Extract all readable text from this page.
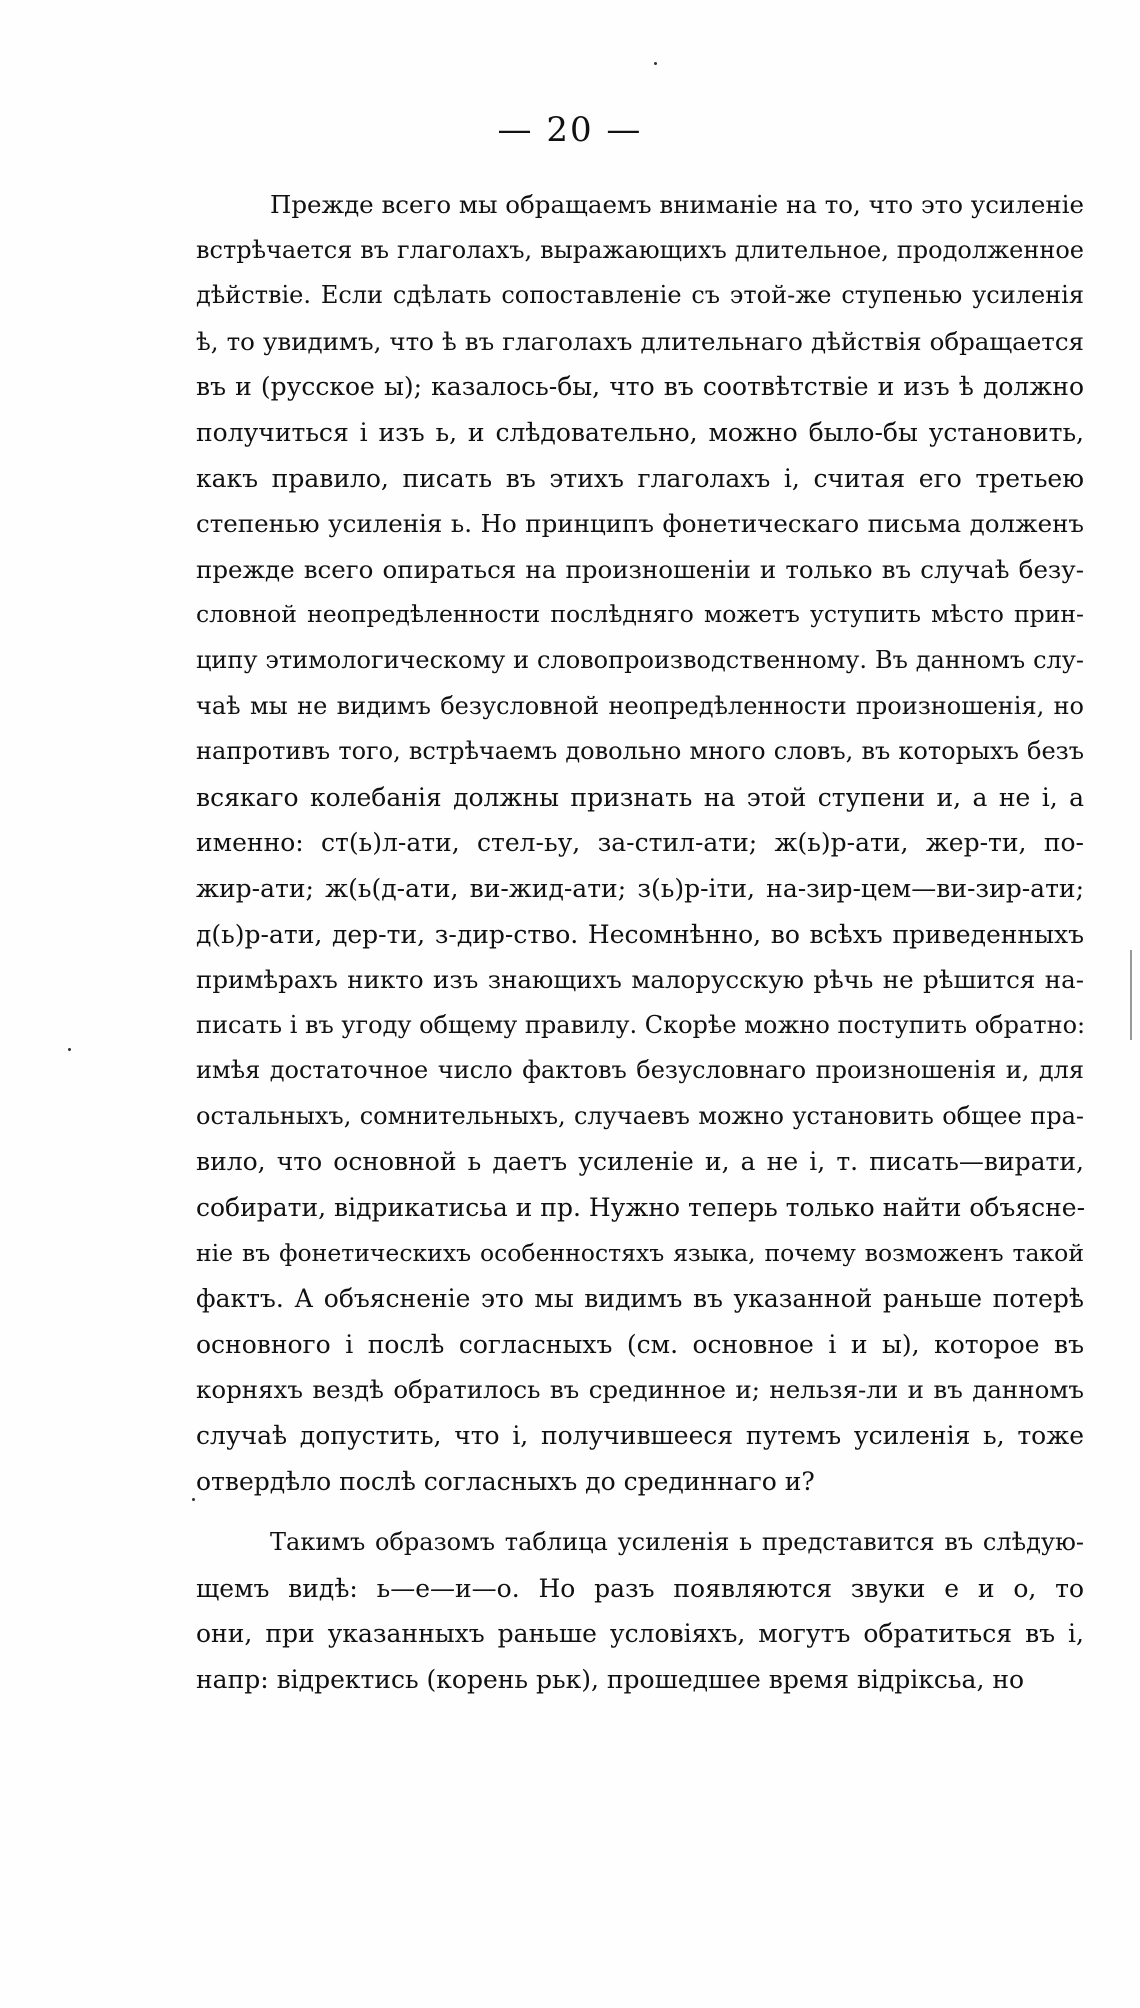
— 20 —
Прежде всего мы обращаемъ вниманіе на то, что это усиленіе
встрѣчается въ глаголахъ, выражающихъ длительное, продолженное
дѣйствіе. Если сдѣлать сопоставленіе съ этой-же ступенью усиленія
ѣ, то увидимъ, что ѣ въ глаголахъ длительнаго дѣйствія обращается
въ и (русское ы); казалось-бы, что въ соотвѣтствіе и изъ ѣ должно
получиться і изъ ь, и слѣдовательно, можно было-бы установить,
какъ правило, писать въ этихъ глаголахъ і, считая его третьею
степенью усиленія ь. Но принципъ фонетическаго письма долженъ
прежде всего опираться на произношеніи и только въ случаѣ безу-
словной неопредѣленности послѣдняго можетъ уступить мѣсто прин-
ципу этимологическому и словопроизводственному. Въ данномъ слу-
чаѣ мы не видимъ безусловной неопредѣленности произношенія, но
напротивъ того, встрѣчаемъ довольно много словъ, въ которыхъ безъ
всякаго колебанія должны признать на этой ступени и, а не і, а
именно: ст(ь)л-ати, стел-ьу, за-стил-ати; ж(ь)р-ати, жер-ти, по-
жир-ати; ж(ь(д-ати, ви-жид-ати; з(ь)р-іти, на-зир-цем—ви-зир-ати;
д(ь)р-ати, дер-ти, з-дир-ство. Несомнѣнно, во всѣхъ приведенныхъ
примѣрахъ никто изъ знающихъ малорусскую рѣчь не рѣшится на-
писать і въ угоду общему правилу. Скорѣе можно поступить обратно:
имѣя достаточное число фактовъ безусловнаго произношенія и, для
остальныхъ, сомнительныхъ, случаевъ можно установить общее пра-
вило, что основной ь даетъ усиленіе и, а не і, т. писать—вирати,
собирати, відрикатисьа и пр. Нужно теперь только найти объясне-
ніе въ фонетическихъ особенностяхъ языка, почему возможенъ такой
фактъ. А объясненіе это мы видимъ въ указанной раньше потерѣ
основного і послѣ согласныхъ (см. основное і и ы), которое въ
корняхъ вездѣ обратилось въ срединное и; нельзя-ли и въ данномъ
случаѣ допустить, что і, получившееся путемъ усиленія ь, тоже
отвердѣло послѣ согласныхъ до срединнаго и?
Такимъ образомъ таблица усиленія ь представится въ слѣдую-
щемъ видѣ: ь—е—и—о. Но разъ появляются звуки е и о, то
они, при указанныхъ раньше условіяхъ, могутъ обратиться въ і,
напр: відректись (корень рьк), прошедшее время відріксьа, но
